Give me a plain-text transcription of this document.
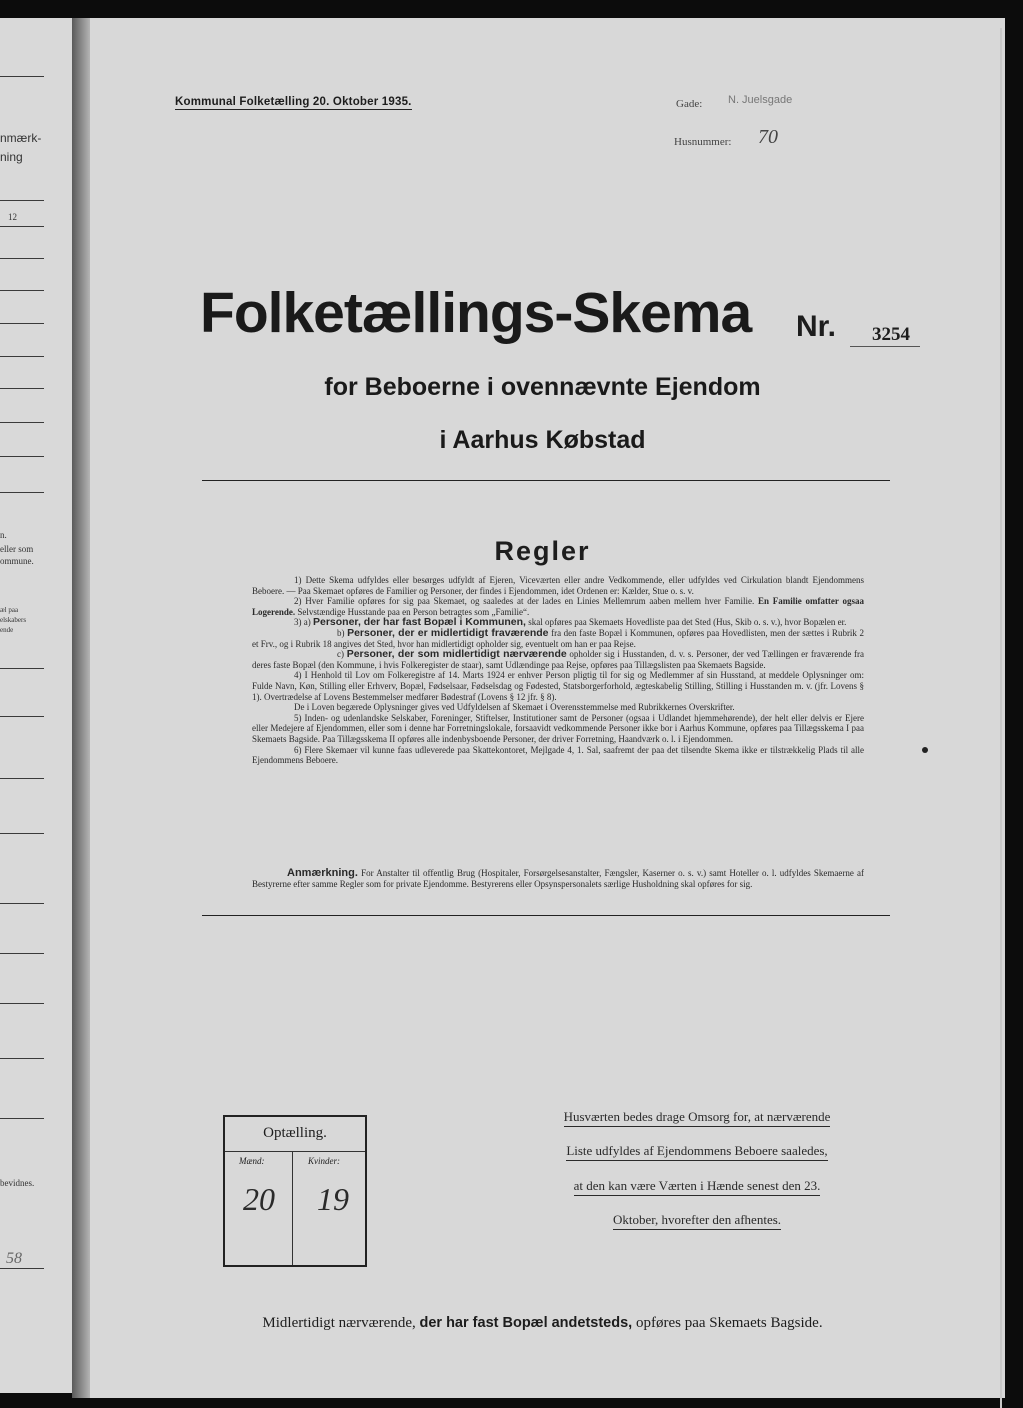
nmærk-
ning
12
n.
eller som
ommune.
æl paa
elskabers
ende
bevidnes.
58
Kommunal Folketælling 20. Oktober 1935.	Gade: N. Juelsgade
Husnummer: 70
Folketællings-Skema Nr. 3254
for Beboerne i ovennævnte Ejendom
i Aarhus Købstad
Regler

1) Dette Skema udfyldes eller besørges udfyldt af Ejeren, Viceværten eller andre Vedkommende, eller udfyldes ved Cirkulation blandt Ejendommens Beboere. — Paa Skemaet opføres de Familier og Personer, der findes i Ejendommen, idet Ordenen er: Kælder, Stue o. s. v.

2) Hver Familie opføres for sig paa Skemaet, og saaledes at der lades en Linies Mellemrum aaben mellem hver Familie. En Familie omfatter ogsaa Logerende. Selvstændige Husstande paa en Person betragtes som „Familie“.

3) a) Personer, der har fast Bopæl i Kommunen, skal opføres paa Skemaets Hovedliste paa det Sted (Hus, Skib o. s. v.), hvor Bopælen er.

b) Personer, der er midlertidigt fraværende fra den faste Bopæl i Kommunen, opføres paa Hovedlisten, men der sættes i Rubrik 2 et Frv., og i Rubrik 18 angives det Sted, hvor han midlertidigt opholder sig, eventuelt om han er paa Rejse.

c) Personer, der som midlertidigt nærværende opholder sig i Husstanden, d. v. s. Personer, der ved Tællingen er fraværende fra deres faste Bopæl (den Kommune, i hvis Folkeregister de staar), samt Udlændinge paa Rejse, opføres paa Tillægslisten paa Skemaets Bagside.

4) I Henhold til Lov om Folkeregistre af 14. Marts 1924 er enhver Person pligtig til for sig og Medlemmer af sin Husstand, at meddele Oplysninger om: Fulde Navn, Køn, Stilling eller Erhverv, Bopæl, Fødselsaar, Fødselsdag og Fødested, Statsborgerforhold, ægteskabelig Stilling, Stilling i Husstanden m. v. (jfr. Lovens § 1). Overtrædelse af Lovens Bestemmelser medfører Bødestraf (Lovens § 12 jfr. § 8).

De i Loven begærede Oplysninger gives ved Udfyldelsen af Skemaet i Overensstemmelse med Rubrikkernes Overskrifter.

5) Inden- og udenlandske Selskaber, Foreninger, Stiftelser, Institutioner samt de Personer (ogsaa i Udlandet hjemmehørende), der helt eller delvis er Ejere eller Medejere af Ejendommen, eller som i denne har Forretningslokale, forsaavidt vedkommende Personer ikke bor i Aarhus Kommune, opføres paa Tillægsskema I paa Skemaets Bagside. Paa Tillægsskema II opføres alle indenbysboende Personer, der driver Forretning, Haandværk o. l. i Ejendommen.

6) Flere Skemaer vil kunne faas udleverede paa Skattekontoret, Mejlgade 4, 1. Sal, saafremt der paa det tilsendte Skema ikke er tilstrækkelig Plads til alle Ejendommens Beboere.

Anmærkning. For Anstalter til offentlig Brug (Hospitaler, Forsørgelsesanstalter, Fængsler, Kaserner o. s. v.) samt Hoteller o. l. udfyldes Skemaerne af Bestyrerne efter samme Regler som for private Ejendomme. Bestyrerens eller Opsynspersonalets særlige Husholdning skal opføres for sig.
Optælling.
Mænd:	Kvinder:
20 19
Husværten bedes drage Omsorg for, at nærværende
Liste udfyldes af Ejendommens Beboere saaledes,
at den kan være Værten i Hænde senest den 23.
Oktober, hvorefter den afhentes.
Midlertidigt nærværende, der har fast Bopæl andetsteds, opføres paa Skemaets Bagside.
